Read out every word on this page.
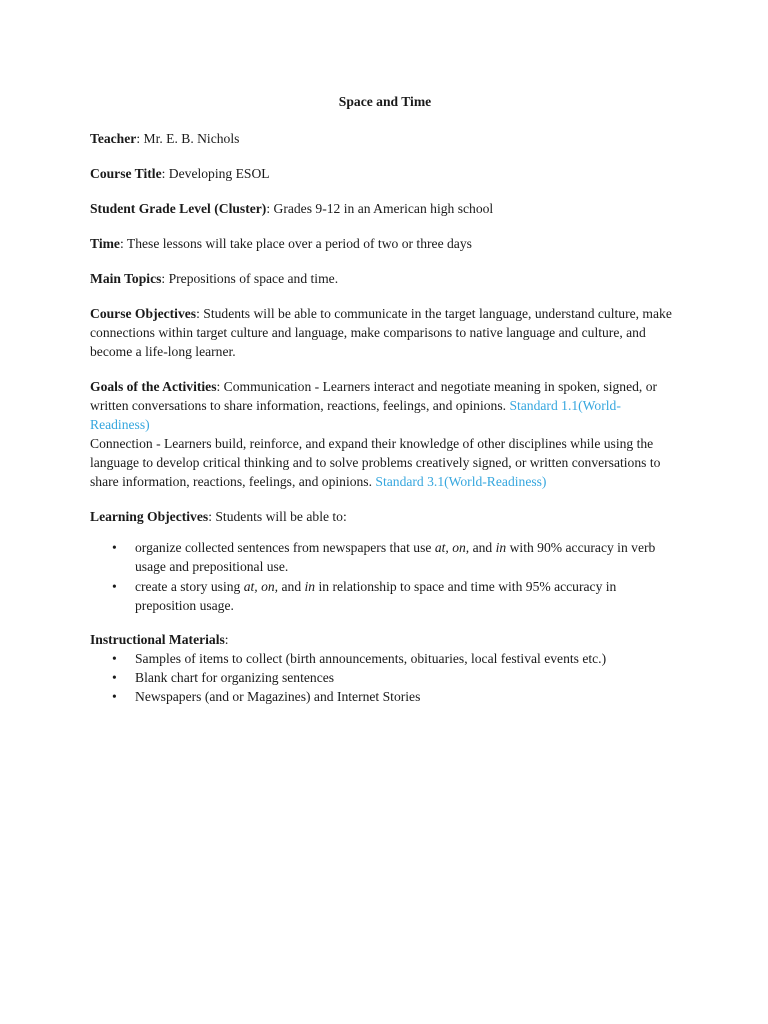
Space and Time

Teacher: Mr. E. B. Nichols

Course Title: Developing ESOL

Student Grade Level (Cluster): Grades 9-12 in an American high school

Time: These lessons will take place over a period of two or three days

Main Topics: Prepositions of space and time.

Course Objectives: Students will be able to communicate in the target language, understand culture, make connections within target culture and language, make comparisons to native language and culture, and become a life-long learner.

Goals of the Activities: Communication - Learners interact and negotiate meaning in spoken, signed, or written conversations to share information, reactions, feelings, and opinions. Standard 1.1(World-Readiness)

Connection - Learners build, reinforce, and expand their knowledge of other disciplines while using the language to develop critical thinking and to solve problems creatively signed, or written conversations to share information, reactions, feelings, and opinions. Standard 3.1(World-Readiness)

Learning Objectives: Students will be able to:

• organize collected sentences from newspapers that use at, on, and in with 90% accuracy in verb usage and prepositional use.
• create a story using at, on, and in in relationship to space and time with 95% accuracy in preposition usage.

Instructional Materials:

• Samples of items to collect (birth announcements, obituaries, local festival events etc.)
• Blank chart for organizing sentences
• Newspapers (and or Magazines) and Internet Stories
